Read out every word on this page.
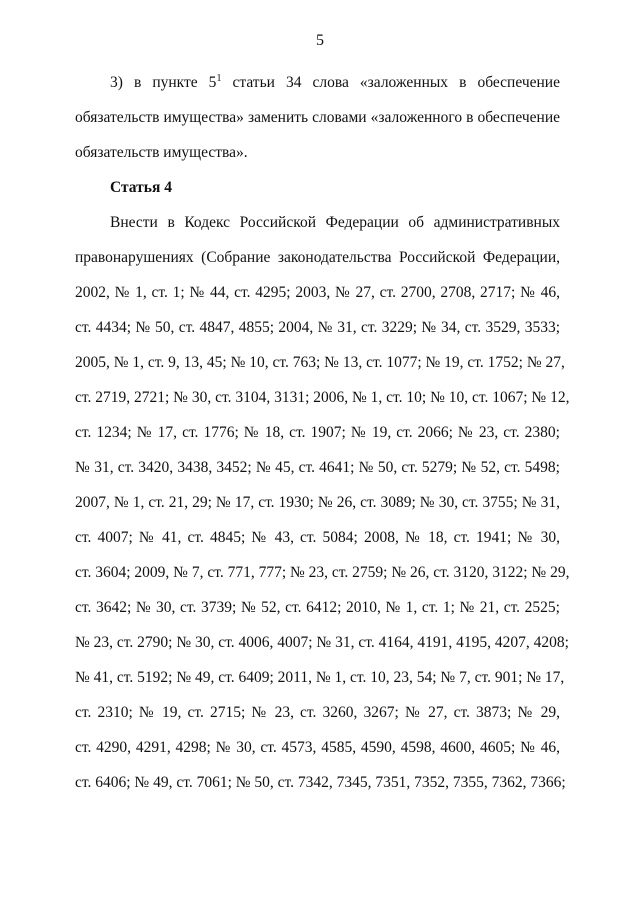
5
3) в пункте $5^1$ статьи 34 слова «заложенных в обеспечение
обязательств имущества» заменить словами «заложенного в обеспечение
обязательств имущества».
Статья 4
Внести в Кодекс Российской Федерации об административных
правонарушениях (Собрание законодательства Российской Федерации,
2002, № 1, ст. 1; № 44, ст. 4295; 2003, № 27, ст. 2700, 2708, 2717; № 46,
ст. 4434; № 50, ст. 4847, 4855; 2004, № 31, ст. 3229; № 34, ст. 3529, 3533;
2005, № 1, ст. 9, 13, 45; № 10, ст. 763; № 13, ст. 1077; № 19, ст. 1752; № 27,
ст. 2719, 2721; № 30, ст. 3104, 3131; 2006, № 1, ст. 10; № 10, ст. 1067; № 12,
ст. 1234; № 17, ст. 1776; № 18, ст. 1907; № 19, ст. 2066; № 23, ст. 2380;
№ 31, ст. 3420, 3438, 3452; № 45, ст. 4641; № 50, ст. 5279; № 52, ст. 5498;
2007, № 1, ст. 21, 29; № 17, ст. 1930; № 26, ст. 3089; № 30, ст. 3755; № 31,
ст. 4007; № 41, ст. 4845; № 43, ст. 5084; 2008, № 18, ст. 1941; № 30,
ст. 3604; 2009, № 7, ст. 771, 777; № 23, ст. 2759; № 26, ст. 3120, 3122; № 29,
ст. 3642; № 30, ст. 3739; № 52, ст. 6412; 2010, № 1, ст. 1; № 21, ст. 2525;
№ 23, ст. 2790; № 30, ст. 4006, 4007; № 31, ст. 4164, 4191, 4195, 4207, 4208;
№ 41, ст. 5192; № 49, ст. 6409; 2011, № 1, ст. 10, 23, 54; № 7, ст. 901; № 17,
ст. 2310; № 19, ст. 2715; № 23, ст. 3260, 3267; № 27, ст. 3873; № 29,
ст. 4290, 4291, 4298; № 30, ст. 4573, 4585, 4590, 4598, 4600, 4605; № 46,
ст. 6406; № 49, ст. 7061; № 50, ст. 7342, 7345, 7351, 7352, 7355, 7362, 7366;
